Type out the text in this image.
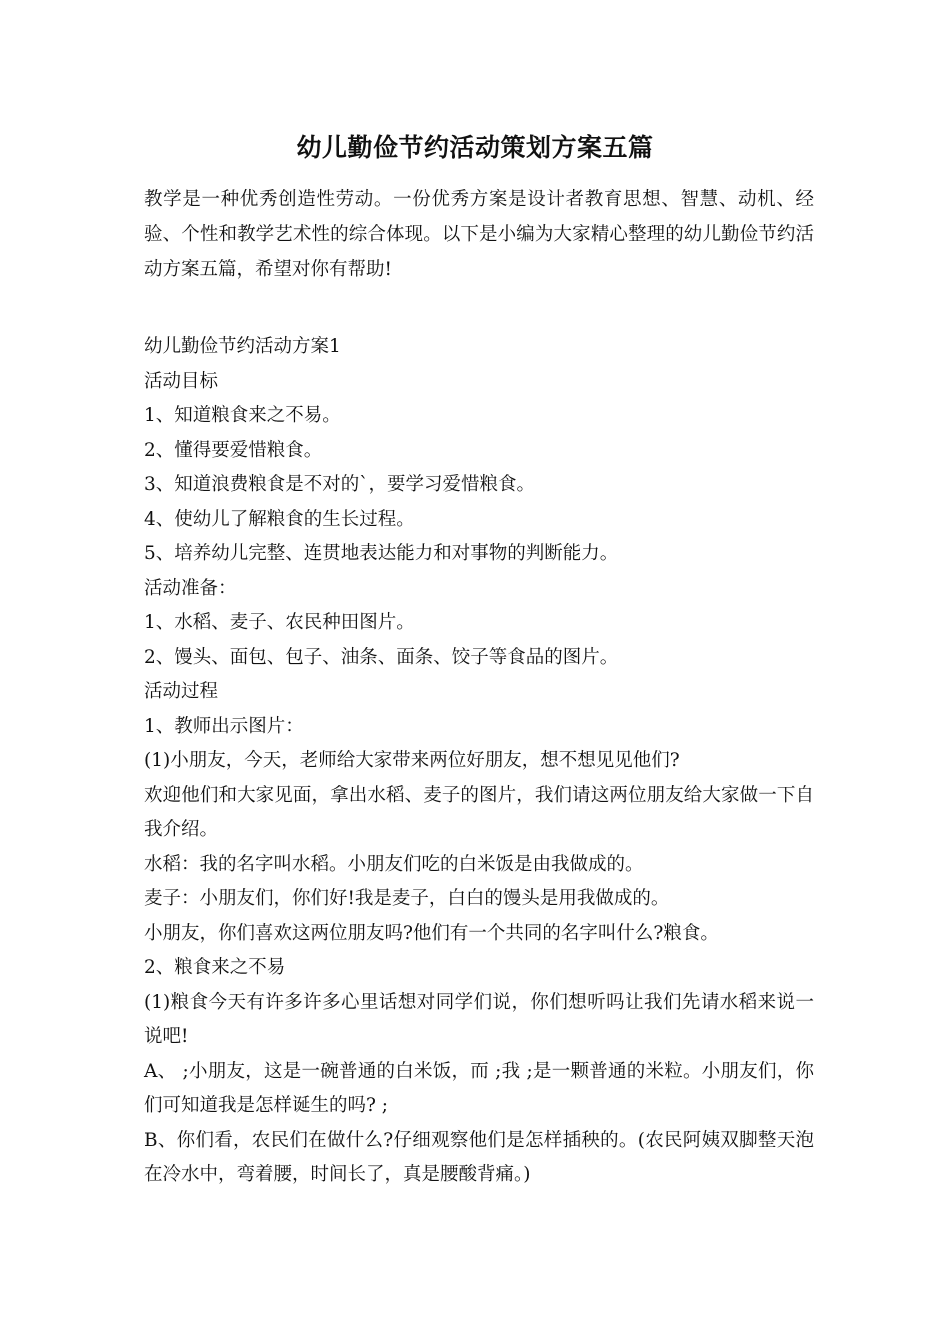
幼儿勤俭节约活动策划方案五篇
教学是一种优秀创造性劳动。一份优秀方案是设计者教育思想、智慧、动机、经验、个性和教学艺术性的综合体现。以下是小编为大家精心整理的幼儿勤俭节约活动方案五篇，希望对你有帮助!

幼儿勤俭节约活动方案1

活动目标

1、知道粮食来之不易。

2、懂得要爱惜粮食。

3、知道浪费粮食是不对的`，要学习爱惜粮食。

4、使幼儿了解粮食的生长过程。

5、培养幼儿完整、连贯地表达能力和对事物的判断能力。

活动准备：

1、水稻、麦子、农民种田图片。

2、馒头、面包、包子、油条、面条、饺子等食品的图片。

活动过程

1、教师出示图片：

(1)小朋友，今天，老师给大家带来两位好朋友，想不想见见他们?

欢迎他们和大家见面，拿出水稻、麦子的图片，我们请这两位朋友给大家做一下自我介绍。

水稻：我的名字叫水稻。小朋友们吃的白米饭是由我做成的。

麦子：小朋友们，你们好!我是麦子，白白的馒头是用我做成的。

小朋友，你们喜欢这两位朋友吗?他们有一个共同的名字叫什么?粮食。

2、粮食来之不易

(1)粮食今天有许多许多心里话想对同学们说，你们想听吗让我们先请水稻来说一说吧!

A、 ;小朋友，这是一碗普通的白米饭，而 ;我 ;是一颗普通的米粒。小朋友们，你们可知道我是怎样诞生的吗? ;

B、你们看，农民们在做什么?仔细观察他们是怎样插秧的。(农民阿姨双脚整天泡在冷水中，弯着腰，时间长了，真是腰酸背痛。)
